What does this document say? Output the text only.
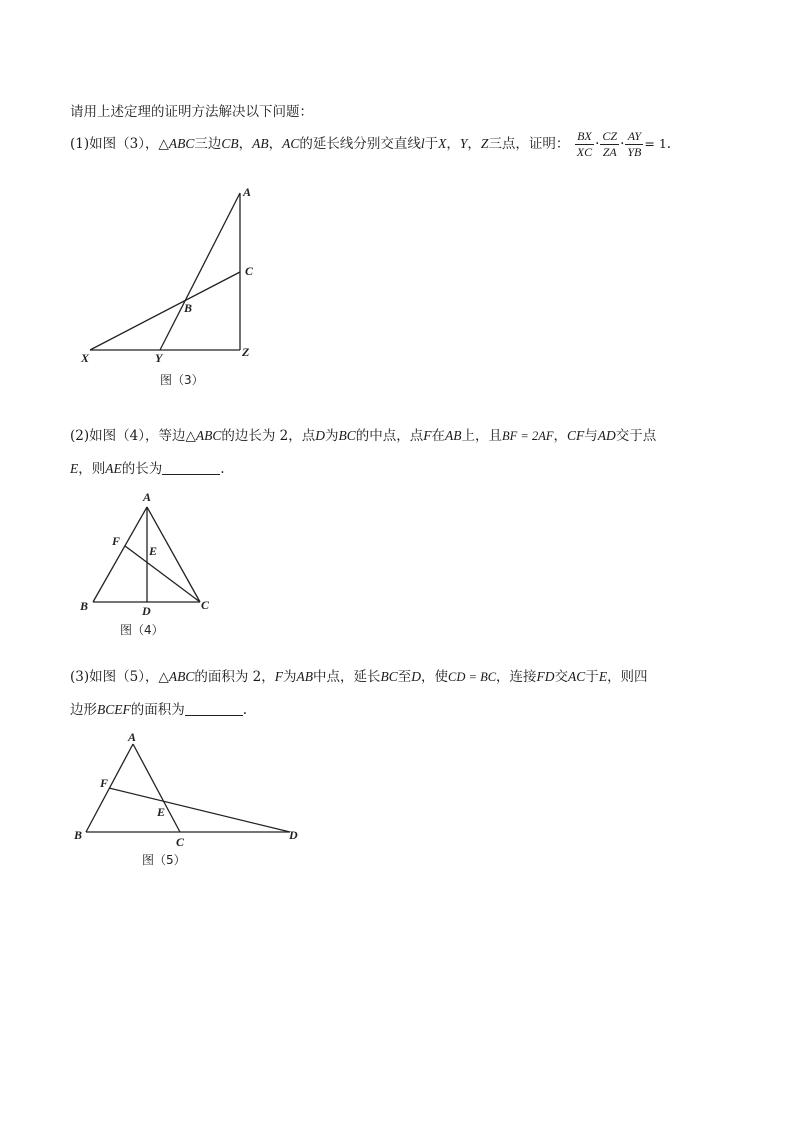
请用上述定理的证明方法解决以下问题：
(1)如图（3），△ABC三边CB，AB，AC的延长线分别交直线l于X，Y，Z三点，证明： $\frac{BX}{XC} \cdot \frac{CZ}{ZA} \cdot \frac{AY}{YB} = 1$.
A
C
B
X	Y	Z
图（3）
(2)如图（4），等边△ABC的边长为 2，点D为BC的中点，点F在AB上，且BF = 2AF，CF与AD交于点
E，则AE的长为	.
A
F
E
B	D	C
图（4）
(3)如图（5），△ABC的面积为 2，F为AB中点，延长BC至D，使CD = BC，连接FD交AC于E，则四
边形BCEF的面积为	.
A
F
E
B	C	D
图（5）
